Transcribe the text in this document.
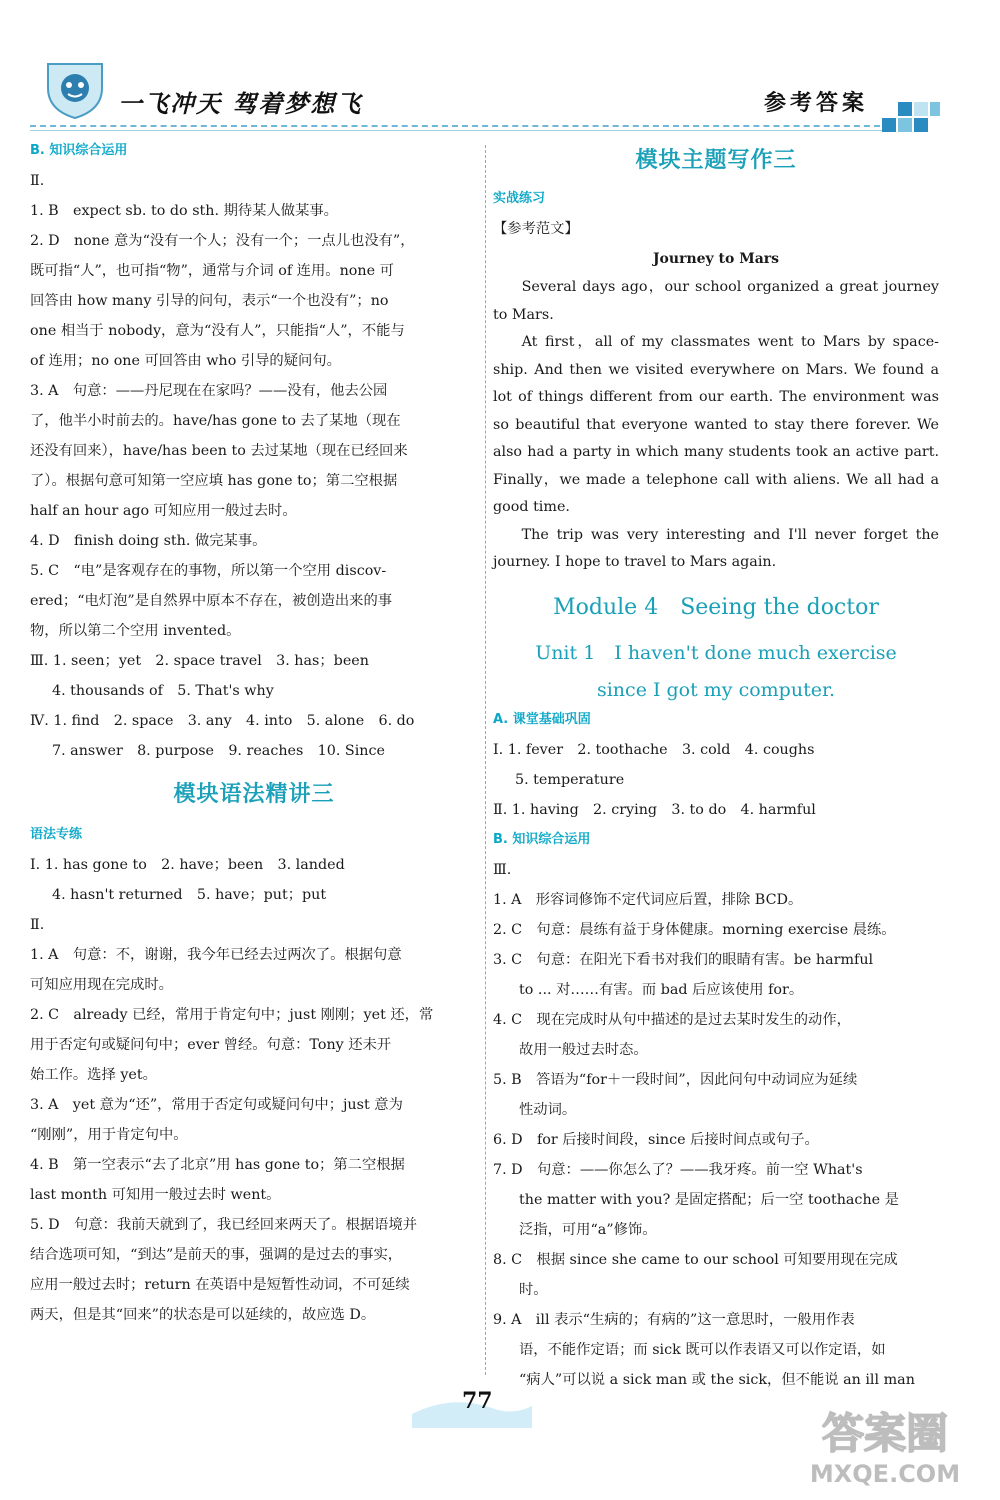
一飞冲天 驾着梦想飞	参考答案
B. 知识综合运用
Ⅱ.
1. B　expect sb. to do sth. 期待某人做某事。
2. D　none 意为“没有一个人；没有一个；一点儿也没有”，
既可指“人”，也可指“物”，通常与介词 of 连用。none 可
回答由 how many 引导的问句，表示“一个也没有”；no
one 相当于 nobody，意为“没有人”，只能指“人”，不能与
of 连用；no one 可回答由 who 引导的疑问句。
3. A　句意：——丹尼现在在家吗？——没有，他去公园
了，他半小时前去的。have/has gone to 去了某地（现在
还没有回来），have/has been to 去过某地（现在已经回来
了）。根据句意可知第一空应填 has gone to；第二空根据
half an hour ago 可知应用一般过去时。
4. D　finish doing sth. 做完某事。
5. C　“电”是客观存在的事物，所以第一个空用 discov-
ered；“电灯泡”是自然界中原本不存在，被创造出来的事
物，所以第二个空用 invented。
Ⅲ. 1. seen；yet　2. space travel　3. has；been
4. thousands of　5. That's why
Ⅳ. 1. find　2. space　3. any　4. into　5. alone　6. do
7. answer　8. purpose　9. reaches　10. Since
模块语法精讲三
语法专练
Ⅰ. 1. has gone to　2. have；been　3. landed
4. hasn't returned　5. have；put；put
Ⅱ.
1. A　句意：不，谢谢，我今年已经去过两次了。根据句意
可知应用现在完成时。
2. C　already 已经，常用于肯定句中；just 刚刚；yet 还，常
用于否定句或疑问句中；ever 曾经。句意：Tony 还未开
始工作。选择 yet。
3. A　yet 意为“还”，常用于否定句或疑问句中；just 意为
“刚刚”，用于肯定句中。
4. B　第一空表示“去了北京”用 has gone to；第二空根据
last month 可知用一般过去时 went。
5. D　句意：我前天就到了，我已经回来两天了。根据语境并
结合选项可知，“到达”是前天的事，强调的是过去的事实，
应用一般过去时；return 在英语中是短暂性动词，不可延续
两天，但是其“回来”的状态是可以延续的，故应选 D。
模块主题写作三
实战练习
【参考范文】
Journey to Mars
Several days ago，our school organized a great journey to Mars.
At first，all of my classmates went to Mars by space-ship. And then we visited everywhere on Mars. We found a lot of things different from our earth. The environment was so beautiful that everyone wanted to stay there forever. We also had a party in which many students took an active part. Finally，we made a telephone call with aliens. We all had a good time.
The trip was very interesting and I'll never forget the journey. I hope to travel to Mars again.
Module 4　Seeing the doctor
Unit 1　I haven't done much exercise
since I got my computer.
A. 课堂基础巩固
Ⅰ. 1. fever　2. toothache　3. cold　4. coughs
5. temperature
Ⅱ. 1. having　2. crying　3. to do　4. harmful
B. 知识综合运用
Ⅲ.
1. A　形容词修饰不定代词应后置，排除 BCD。
2. C　句意：晨练有益于身体健康。morning exercise 晨练。
3. C　句意：在阳光下看书对我们的眼睛有害。be harmful
to ... 对……有害。而 bad 后应该使用 for。
4. C　现在完成时从句中描述的是过去某时发生的动作，
故用一般过去时态。
5. B　答语为“for＋一段时间”，因此问句中动词应为延续
性动词。
6. D　for 后接时间段，since 后接时间点或句子。
7. D　句意：——你怎么了？——我牙疼。前一空 What's
the matter with you? 是固定搭配；后一空 toothache 是
泛指，可用“a”修饰。
8. C　根据 since she came to our school 可知要用现在完成
时。
9. A　ill 表示“生病的；有病的”这一意思时，一般用作表
语，不能作定语；而 sick 既可以作表语又可以作定语，如
“病人”可以说 a sick man 或 the sick，但不能说 an ill man
77
答案圈
MXQE.COM
